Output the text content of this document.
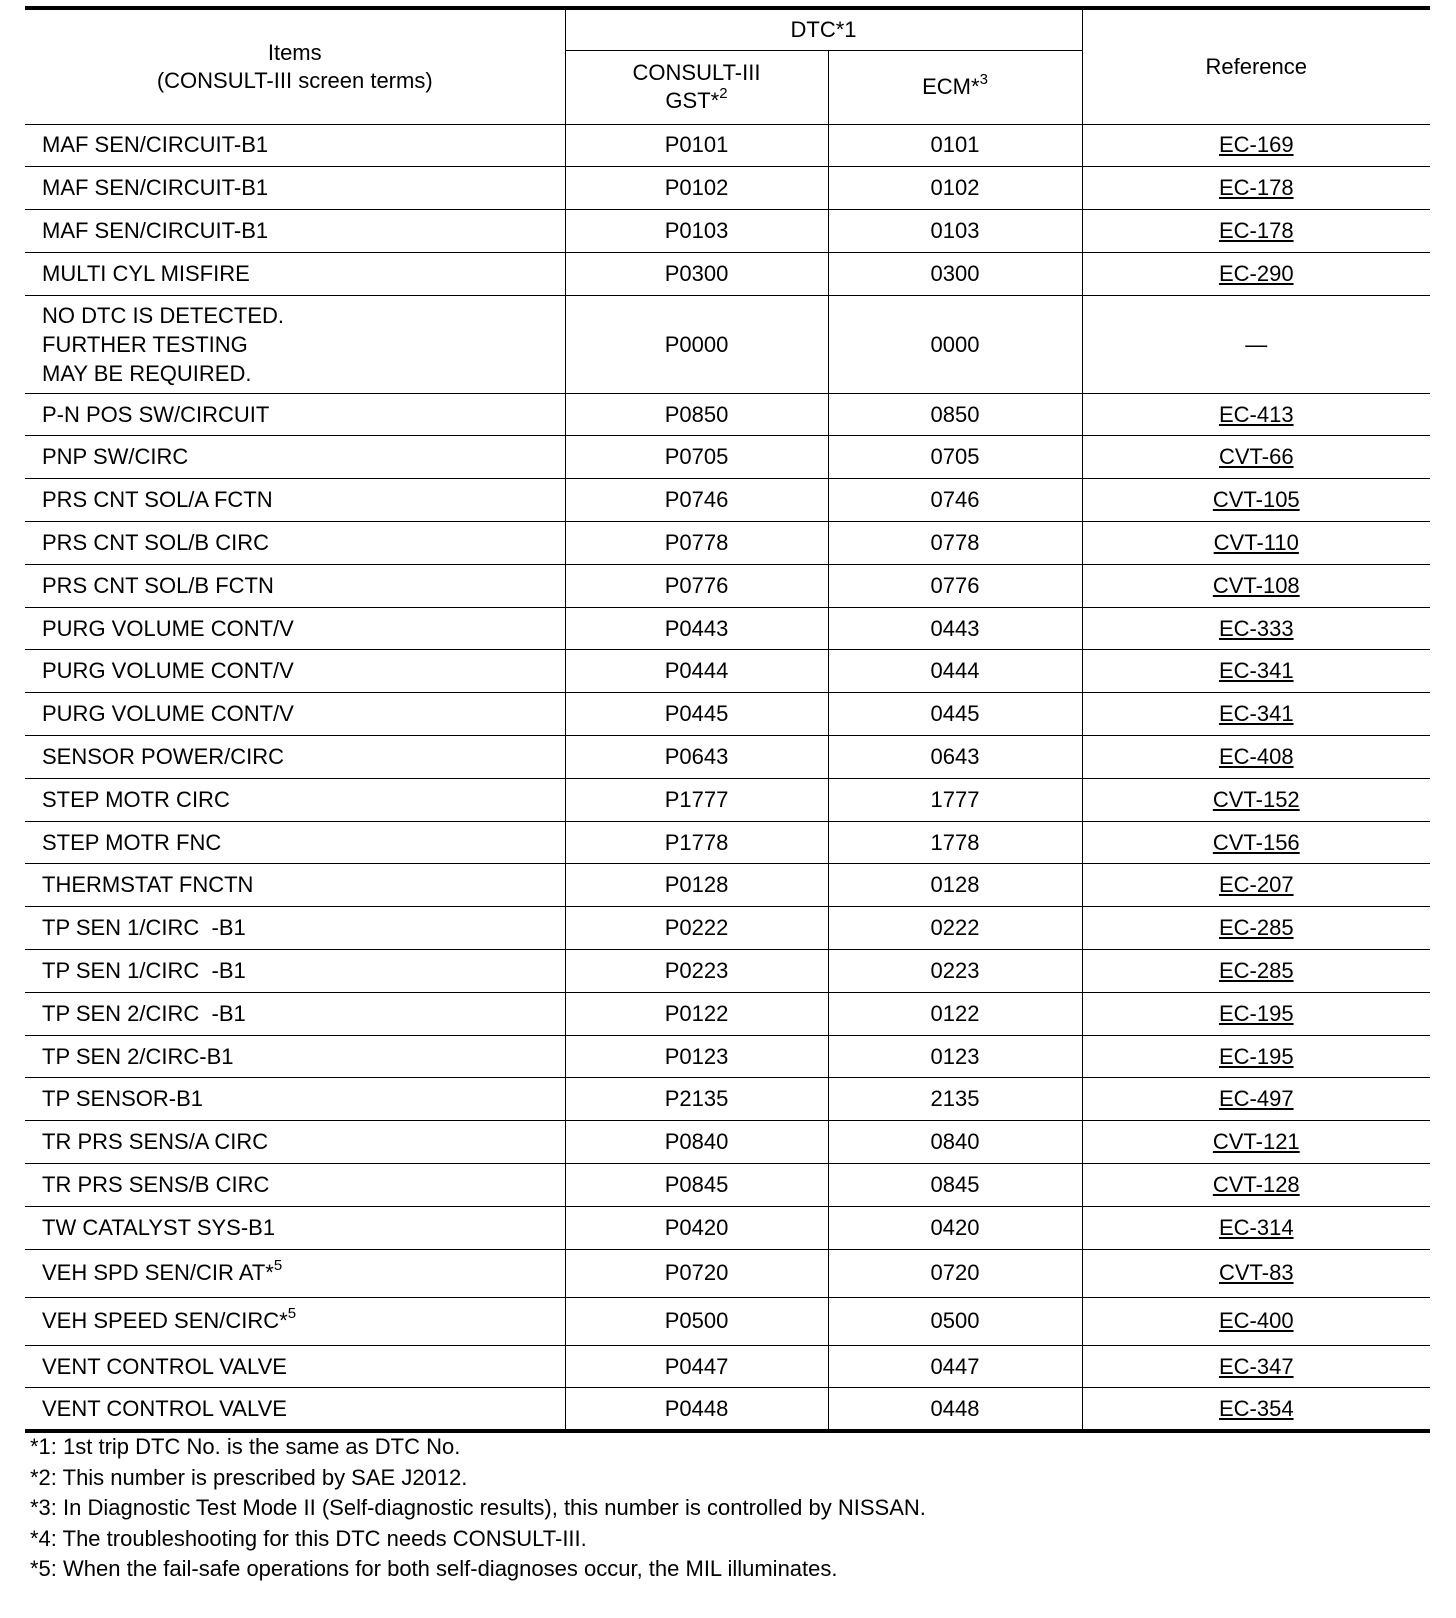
Items
(CONSULT-III screen terms)	DTC*1		Reference

	CONSULT-III
GST*$^2$	ECM*$^3$
MAF SEN/CIRCUIT-B1	P0101	0101	EC-169
MAF SEN/CIRCUIT-B1	P0102	0102	EC-178
MAF SEN/CIRCUIT-B1	P0103	0103	EC-178
MULTI CYL MISFIRE	P0300	0300	EC-290

NO DTC IS DETECTED.
FURTHER TESTING
MAY BE REQUIRED.	P0000	0000	—
P-N POS SW/CIRCUIT	P0850	0850	EC-413
PNP SW/CIRC	P0705	0705	CVT-66
PRS CNT SOL/A FCTN	P0746	0746	CVT-105
PRS CNT SOL/B CIRC	P0778	0778	CVT-110
PRS CNT SOL/B FCTN	P0776	0776	CVT-108
PURG VOLUME CONT/V	P0443	0443	EC-333
PURG VOLUME CONT/V	P0444	0444	EC-341
PURG VOLUME CONT/V	P0445	0445	EC-341
SENSOR POWER/CIRC	P0643	0643	EC-408
STEP MOTR CIRC	P1777	1777	CVT-152
STEP MOTR FNC	P1778	1778	CVT-156
THERMSTAT FNCTN	P0128	0128	EC-207
TP SEN 1/CIRC  -B1	P0222	0222	EC-285
TP SEN 1/CIRC  -B1	P0223	0223	EC-285
TP SEN 2/CIRC  -B1	P0122	0122	EC-195
TP SEN 2/CIRC-B1	P0123	0123	EC-195
TP SENSOR-B1	P2135	2135	EC-497
TR PRS SENS/A CIRC	P0840	0840	CVT-121
TR PRS SENS/B CIRC	P0845	0845	CVT-128
TW CATALYST SYS-B1	P0420	0420	EC-314
VEH SPD SEN/CIR AT*$^5$	P0720	0720	CVT-83
VEH SPEED SEN/CIRC*$^5$	P0500	0500	EC-400
VENT CONTROL VALVE	P0447	0447	EC-347
VENT CONTROL VALVE	P0448	0448	EC-354

*1: 1st trip DTC No. is the same as DTC No.

*2: This number is prescribed by SAE J2012.

*3: In Diagnostic Test Mode II (Self-diagnostic results), this number is controlled by NISSAN.

*4: The troubleshooting for this DTC needs CONSULT-III.

*5: When the fail-safe operations for both self-diagnoses occur, the MIL illuminates.
